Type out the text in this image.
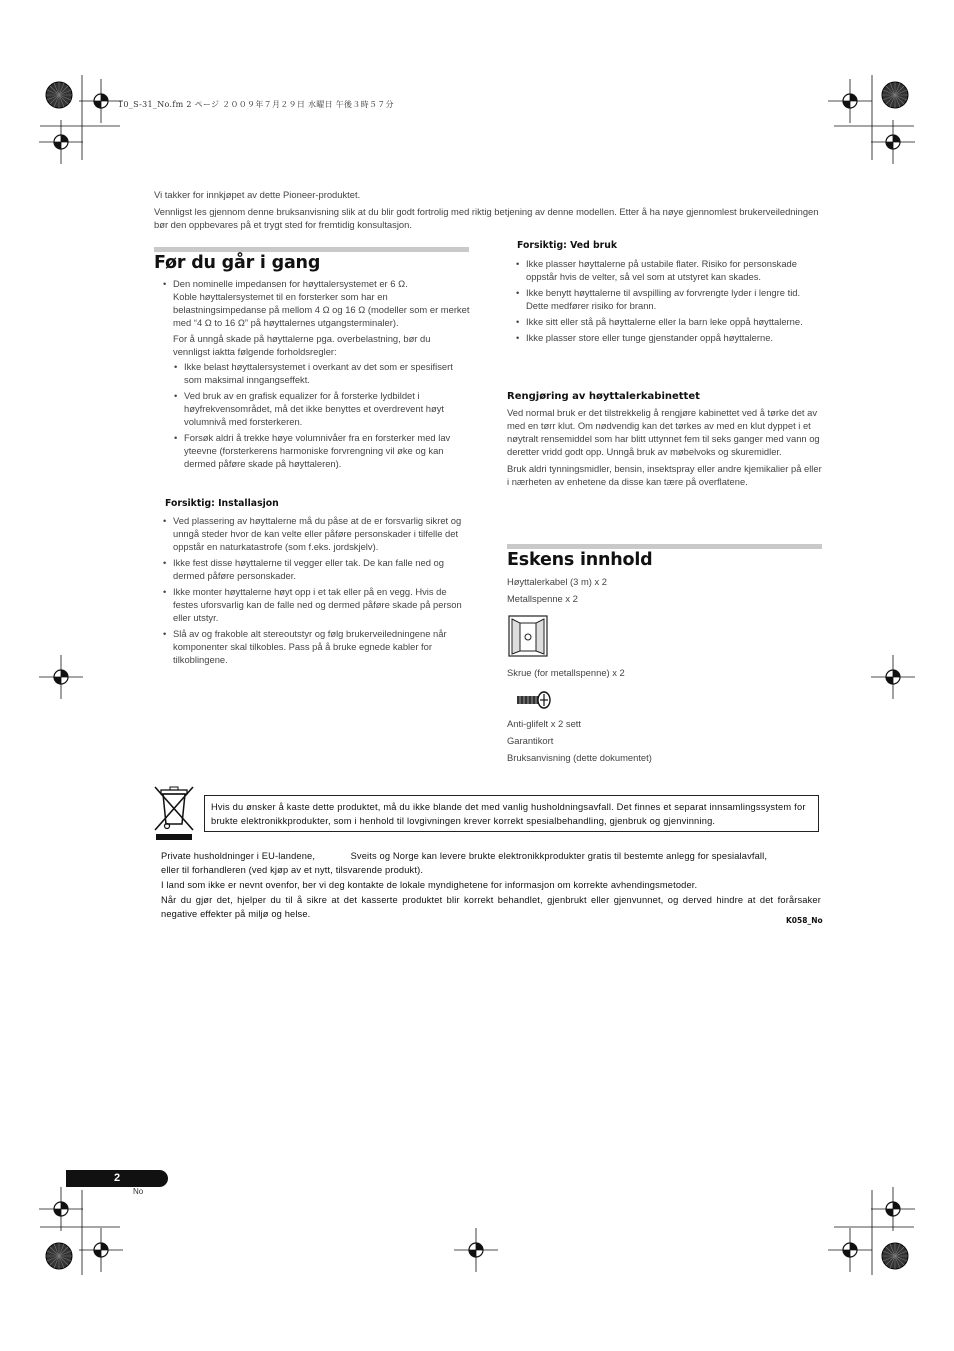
10_S-31_No.fm 2 ページ ２００９年７月２９日 水曜日 午後３時５７分

Vi takker for innkjøpet av dette Pioneer-produktet.

Vennligst les gjennom denne bruksanvisning slik at du blir godt fortrolig med riktig betjening av denne modellen. Etter å ha nøye gjennomlest brukerveiledningen bør den oppbevares på et trygt sted for fremtidig konsultasjon.

Før du går i gang

• Den nominelle impedansen for høyttalersystemet er 6 Ω.

Koble høyttalersystemet til en forsterker som har en belastningsimpedanse på mellom 4 Ω og 16 Ω (modeller som er merket med “4 Ω to 16 Ω” på høyttalernes utgangsterminaler).

For å unngå skade på høyttalerne pga. overbelastning, bør du vennligst iaktta følgende forholdsregler:

• Ikke belast høyttalersystemet i overkant av det som er spesifisert som maksimal inngangseffekt.
• Ved bruk av en grafisk equalizer for å forsterke lydbildet i høyfrekvensområdet, må det ikke benyttes et overdrevent høyt volumnivå med forsterkeren.
• Forsøk aldri å trekke høye volumnivåer fra en forsterker med lav yteevne (forsterkerens harmoniske forvrengning vil øke og kan dermed påføre skade på høyttaleren).
Forsiktig: Installasjon
• Ved plassering av høyttalerne må du påse at de er forsvarlig sikret og unngå steder hvor de kan velte eller påføre personskader i tilfelle det oppstår en naturkatastrofe (som f.eks. jordskjelv).
• Ikke fest disse høyttalerne til vegger eller tak. De kan falle ned og dermed påføre personskader.
• Ikke monter høyttalerne høyt opp i et tak eller på en vegg. Hvis de festes uforsvarlig kan de falle ned og dermed påføre skade på person eller utstyr.
• Slå av og frakoble alt stereoutstyr og følg brukerveiledningene når komponenter skal tilkobles. Pass på å bruke egnede kabler for tilkoblingene.
Forsiktig: Ved bruk
• Ikke plasser høyttalerne på ustabile flater. Risiko for personskade oppstår hvis de velter, så vel som at utstyret kan skades.
• Ikke benytt høyttalerne til avspilling av forvrengte lyder i lengre tid. Dette medfører risiko for brann.
• Ikke sitt eller stå på høyttalerne eller la barn leke oppå høyttalerne.
• Ikke plasser store eller tunge gjenstander oppå høyttalerne.
Rengjøring av høyttalerkabinettet

Ved normal bruk er det tilstrekkelig å rengjøre kabinettet ved å tørke det av med en tørr klut. Om nødvendig kan det tørkes av med en klut dyppet i et nøytralt rensemiddel som har blitt uttynnet fem til seks ganger med vann og deretter vridd godt opp. Unngå bruk av møbelvoks og skuremidler.

Bruk aldri tynningsmidler, bensin, insektspray eller andre kjemikalier på eller i nærheten av enhetene da disse kan tære på overflatene.

Eskens innhold
Høyttalerkabel (3 m) x 2
Metallspenne x 2
Skrue (for metallspenne) x 2
Anti-glifelt x 2 sett
Garantikort
Bruksanvisning (dette dokumentet)
Hvis du ønsker å kaste dette produktet, må du ikke blande det med vanlig husholdningsavfall. Det finnes et separat innsamlingssystem for brukte elektronikkprodukter, som i henhold til lovgivningen krever korrekt spesialbehandling, gjenbruk og gjenvinning.

Private husholdninger i EU-landene,	Sveits og Norge kan levere brukte elektronikkprodukter gratis til bestemte anlegg for spesialavfall,

eller til forhandleren (ved kjøp av et nytt, tilsvarende produkt).

I land som ikke er nevnt ovenfor, ber vi deg kontakte de lokale myndighetene for informasjon om korrekte avhendingsmetoder.

Når du gjør det, hjelper du til å sikre at det kasserte produktet blir korrekt behandlet, gjenbrukt eller gjenvunnet, og derved hindre at det forårsaker negative effekter på miljø og helse.

K058_No
2
No
